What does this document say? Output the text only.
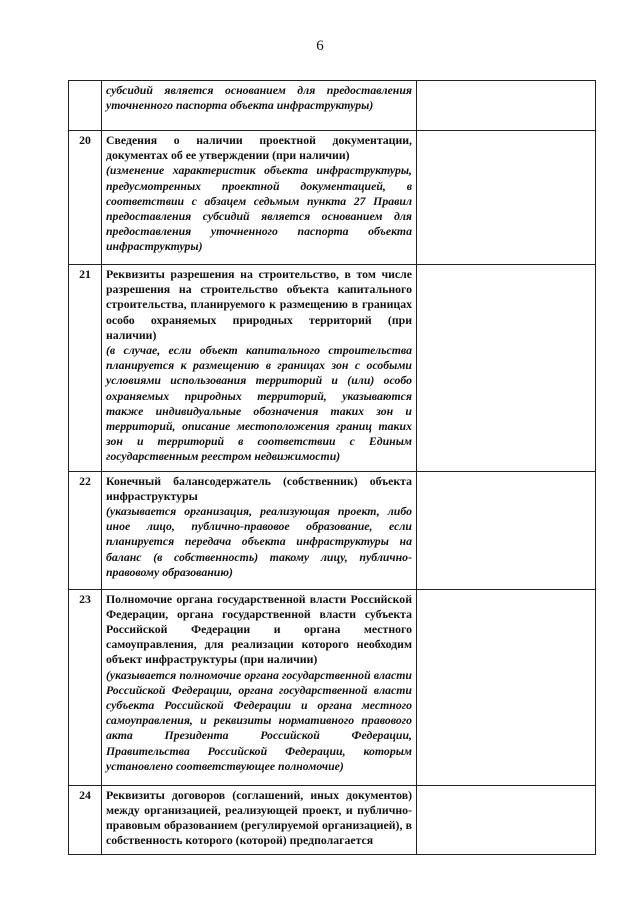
6

	субсидий является основанием для предоставления уточненного паспорта объекта инфраструктуры)	

20	Сведения о наличии проектной документации, документах об ее утверждении (при наличии)

(изменение характеристик объекта инфраструктуры, предусмотренных проектной документацией, в соответствии с абзацем седьмым пункта 27 Правил предоставления субсидий является основанием для предоставления уточненного паспорта объекта инфраструктуры)	

21	Реквизиты разрешения на строительство, в том числе разрешения на строительство объекта капитального строительства, планируемого к размещению в границах особо охраняемых природных территорий (при наличии)

(в случае, если объект капитального строительства планируется к размещению в границах зон с особыми условиями использования территорий и (или) особо охраняемых природных территорий, указываются также индивидуальные обозначения таких зон и территорий, описание местоположения границ таких зон и территорий в соответствии с Единым государственным реестром недвижимости)	

22	Конечный балансодержатель (собственник) объекта инфраструктуры

(указывается организация, реализующая проект, либо иное лицо, публично-правовое образование, если планируется передача объекта инфраструктуры на баланс (в собственность) такому лицу, публично-правовому образованию)	

23	Полномочие органа государственной власти Российской Федерации, органа государственной власти субъекта Российской Федерации и органа местного самоуправления, для реализации которого необходим объект инфраструктуры (при наличии)

(указывается полномочие органа государственной власти Российской Федерации, органа государственной власти субъекта Российской Федерации и органа местного самоуправления, и реквизиты нормативного правового акта Президента Российской Федерации, Правительства Российской Федерации, которым установлено соответствующее полномочие)	

24	Реквизиты договоров (соглашений, иных документов) между организацией, реализующей проект, и публично-правовым образованием (регулируемой организацией), в собственность которого (которой) предполагается	
